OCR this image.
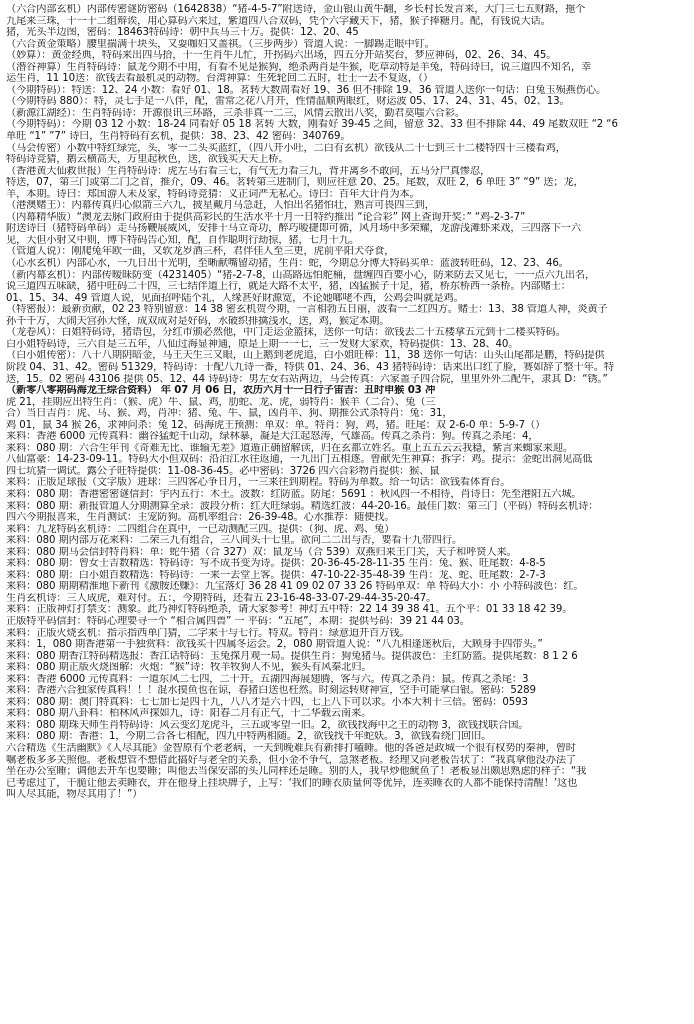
（六合内部玄机）内部传密谜防密码（1642838）“猪-4-5-7”附送诗，金山银山黄牛翻，乡长村长发言来，大门三七五财路，拖个
九尾来三珠，十一十二组辩诶，用心算码六来过，紫道四八合双码，凭个六字藏天下，猪，猴子捧糖月。配，有钱说大话。
猪，光头半边图，密码：18463特码诗：朝中兵马三十万。提供：12、20、45
（六合黄金策略）腰里揣满十块头，又耍咖妇又盖祺。（三步两步）管道人说：一脚踢走眼中钉。
（妙算）：黄金经典，特码来出四马拾，十一生肖牛儿忙，开拐码六出场，四五分开站奖台，梦应神码，02、26、34、45。
（潜谷神算）生肖特码诗：鼠龙今期不中用，有看不见是猴狗，绝杀两肖是牛猴，吃草动特是羊兔，特码诗曰，说三道四不知名，幸
运生肖，11 10送：欲钱去看最机灵的动物。台湾神算：生死轮回二五时，壮士一去不复返，（）
（今期特码）：特送：12、24 小数：看好 01、18。茗转大数周看好 19、36 但不排除 19、36 管道人送你一句话：白兔玉殒燕伤心。
（今期特码 880）：特，灵七手足一八伴，配，雷常之花八月开，性情温顺两眼红，财运波 05、17、24、31、45、02、13。
（新源江湖经）：生肖特码诗：开源很讯三环路，三杀非真一二三，风情云散出八奖，勤君莫嗤六合彩。
（今期特码）：今期 03 12 小数：18-24 同看好 05 18 茗转 大数，刚看好 39-45 之间，留意 32、33 但不排除 44、49 尾数双旺 “2 “6
单旺 “1” ”7” 诗曰，生肖特码有玄机，提供：38、23、42 密码：340769。
（马会传密）小数中特红绿完，头，零一二头买蓝红，（四八开小吐，二白有玄机）欲钱从二十七到三十二楼特四十三楼看鸡，
特码诗竞猜，鹅云横高天，万里起秋色，送，欲钱买天天上桥。
（香港黄大仙救世报）生肖特码诗：虎左马右看三七，有气无力看三九，背井离乡不敢问，五马分尸真惨忍，
特送，07，第三门或第二门之首，推介，09、46。茗转第三进制门，则应往意 20、25。尾数，双旺 2，6 单旺 3” “9” 送；龙，
羊，本期。诗曰：郑国游人未及家，特码诗竞猜：义正词严无私心。诗曰：百年大计肖为本。
（港澳赌王）：内幕传真归心似箭三六九，披星戴月马急赶，人怕出名猪怕壮，熟言可畏四三到，
（内幕精华版）“澳龙去脉门政府由于提供高彩民的生活水平十月一日特约推出 “论合彩” 网上查询开奖：” “鸡-2-3-7”
附送诗曰（猪特码单码）走马扬鞭展威风，安排十马立奇功，醉巧嗳捷即可循，风月场中多荣耀，龙游浅滩虾来戏，三四落下一六
见，大但小射又中则，博下特码告心知，配，自作聪明行劫掠，猪，七月十九。
（管道人说）：刚爬兔年欧一曲，又软龙岁酒三杯，君伴佳人至三更，虎前平阳犬夺食，
（心水玄机）内部心水，一九日出十光明，至晰献嘴留动猪，生肖：蛇，今期总分博大特码买单：蓝波转旺码，12、23、46。
（新内幕玄机）：内部传暧昧防变（4231405）“猪-2-7-8，山高路远怕舵桶，盘缠四百要小心，防来防去又见七，一一点六九出名，
说三道四五味缺，猪中旺码二十四，三七结伴道上行，就是大路不太平，猪，凶猛猴子十足，猪，桥东桥西一条桥。内部赌士：
01、15、34、49 管道人说，见面招呼陆个礼，人缘甚好財源宽，不论她啷咾不西，公鸡会叫就是鸡。
（特密报）：最新贡献，02 23 特别留意：14 38 密玄机贺今期，一言相勃五日丽，波看一二红四方。赌士：13、38 管道人神，炎黄子
孙千千万，大闹天宫孙大怪，成双成对是好码，水破织排擒浅水，送，鸡，猴定本期。
（龙卷风）：白姐特码诗，猪语包，分红市颁必然他，中门走运金篮抹，送你一句话：欲钱去二十五楼拿五元到十二楼买特码。
白小姐特码诗，三六自是三五年，八仙过海显神通，原是上期一一七，三一发财大家欢，特码提供：13、28、40。
（白小姐传密）：八十八期阴暗金，马王天生三又眼，山上鹅到老虎追，白小姐旺棒：11，38 送你一句话：山头山尾都是鹏，特码提供
阶段 04、31、42。密码 51329，特码诗：十配八九诗一番，特供 01、24、36、43 猪特码诗：话来出口红了脸，赛如辞了整十年。特
送，15。02 密码 43106 提供 05、12、44 诗码诗：男左女右站两边，马会传真：六家盖子四合院，里里外外二配牛，隶其 D：“锈。”
（新零八零期码海龙王综合资料） 年 07 月 06 日，农历六月十一日行子宙吉：丑时申猴 03 冲
虎 21，挂期应出特生肖：（猴、虎）牛、鼠、鸡，肋蛇、龙、虎，弱特肖：猴羊（二合）、兔（三
合）当日吉肖：虎、马、猴、鸡，肖冲：猪、兔、牛、鼠，凶肖羊、狗、期推公式杀特肖：兔：31，
鸡 01，鼠 34 猴 26，求神问杀：兔 12、码海虎王预测：单双：单。特肖：狗，鸡，猪。旺尾：双 2-6-0 单：5-9-7（）
来料：香港 6000 元传真料：幽谷猛蛇千山动，绿林暴，凝是大江起怒涛，气雄高。传真之杀肖：狗。传真之杀尾：4，
来料：080 期：六合生年刊《奇难无比、谁输无差》道遁正确留解读，归在玄都立姓名。重上五五云云我稳，紫言来蜘家来迎。
八仙富豪：14-23-09-11。特码大小但双码：沿泊江水往返通，一九出门五相逐。曾献先生神算：拆字：鸡。提示：金蛇出洞见高低
四七坑猜一调试。露公子旺特提供：11-08-36-45。必中密码：3726 四六合彩物肖提供：猴、鼠
来料：正版足球报（文字版）进球：三四客心争日月，一三来往到期程。特码为单数。给一句话：欲钱看体育台。
来料：080 期：香港密密谜信封：宇内五行：木土。波数：红防蓝。防尾：5691 ：秋风四一不相待，肖诗日：先至港阳五六城。
来料：080 期：新报管道人分期测算全录：波段分析：红大旺绿弱。精选红波：44-20-16。最佳门数：第三门（平码）特码玄机诗：
四六今期报喜来，生肖测试：主宠防狗。高机率组合：26-39-48。心水推荐：随便找。
来料：九龙特码玄机诗：二四组合在真中，一已动测配三四。提供：（狗、虎、鸡、兔）
来料：080 期内部万花来料：二荣三九有组合，三八间头十七里。欲问二二出与否，要看十九带四行。
来料：080 期马会信封特肖料：单：蛇牛猪（合 327）双：鼠龙马（合 539）双燕归来王门关，天子和呼贤人来。
来料：080 期：曾女士吉数精选：特码诗：写不成书变为诗。提供：20-36-45-28-11-35 生肖：兔、猴、旺尾数：4-8-5
来料：080 期：白小姐百数精选：特码诗：一来一去堂上客。提供：47-10-22-35-48-39 生肖：龙、蛇、旺尾数：2-7-3
来料：080 期期精淮地下新刊《激胺还赚》：九宝落灯 36 28 41 09 02 07 33 26 特码单双：单 特码大小：小 小特码波色：红。
生肖玄机诗：三人成虎，难对付。五：，今期特码，还看五 23-16-48-33-07-29-44-35-20-47。
来料：正版神灯打禁支：测象。此乃神灯特码绝杀，请大家参考！神灯五中特：22 14 39 38 41。五个平：01 33 18 42 39。
正版特平码信封：特码心理要寻一个 “相合属四兽” 一 平码：“五尾”，本期：提供号码：39 21 44 03。
来料：正版火烧玄机：指示指西单门猜，二字来十与七行。特双。特肖：绿意迫开百万钱。
来料：1，080 期香港第一手独赏料：欲钱买十四属冬运会。2，080 期管道人说：“八九相逢迷秋后，大顾身手四带头。”
来料：080 期香江特码精选报：香江话特码：玉兔探月观一局。提供生肖：狗兔猪马。提供波色：主红防篮。提供尾数：8 1 2 6
来料：080 期正版火烧图解：火炮：“猴”诗：牧羊牧狗人不见，猴头有风秦北归。
来料：香港 6000 元传真料：一道东风二七四，二十开。五湖四海展翅腾，客与六。传真之杀肖：鼠。传真之杀尾：3
来料：香港六合独家传真料！！！混水摸鱼也在谅，春猪白送也枉然。时刻运转财神宣，空手可能拿白银。密码：5289
来料：080 期：澳门特真料：七七加七是四十九，八八才是六十四，七上八下可以求。小本大利十三倍。密码：0593
来料：080 期八卦料：柏林风声探如九，诗：阳春二月有正气，十二华载云南来。
来料：080 期珠天师生肖特码诗：风云变幻龙虎斗，三五或零望一旧。2，欲钱找海中之王的动物 3，欲钱找联合国。
来料：080 期：香港：1，今期二合各七相配，四九中特两相随。2，欲钱找千年蛇妖。3，欲钱看绕门回旧。
六合精选《生活幽默》《人尽其能》金智原有个老老病，一天到晚难兵有新排打嗑睡。他的各爸是政城一个很有权势的秦神，曾时
嘱老板多多关照他。老板想管不想借此搞好与老全的关系，但小金不争气，急煞老板。经理又向老板告状了：“我真拿他没办法了
坐在办公室睡；调他去开车也要睡；叫他去当保安部的头儿同样还是睡。别的人，我早炒他鱿鱼了！老板显出颇思熟虑的样子：“我
已考虑过了，干脆让他去卖睡衣，并在他身上挂块牌子，上写：‘我们的睡衣质量何等优异，连卖睡衣的人都不能保持清醒！’这也
叫人尽其能，物尽其用了！”）
